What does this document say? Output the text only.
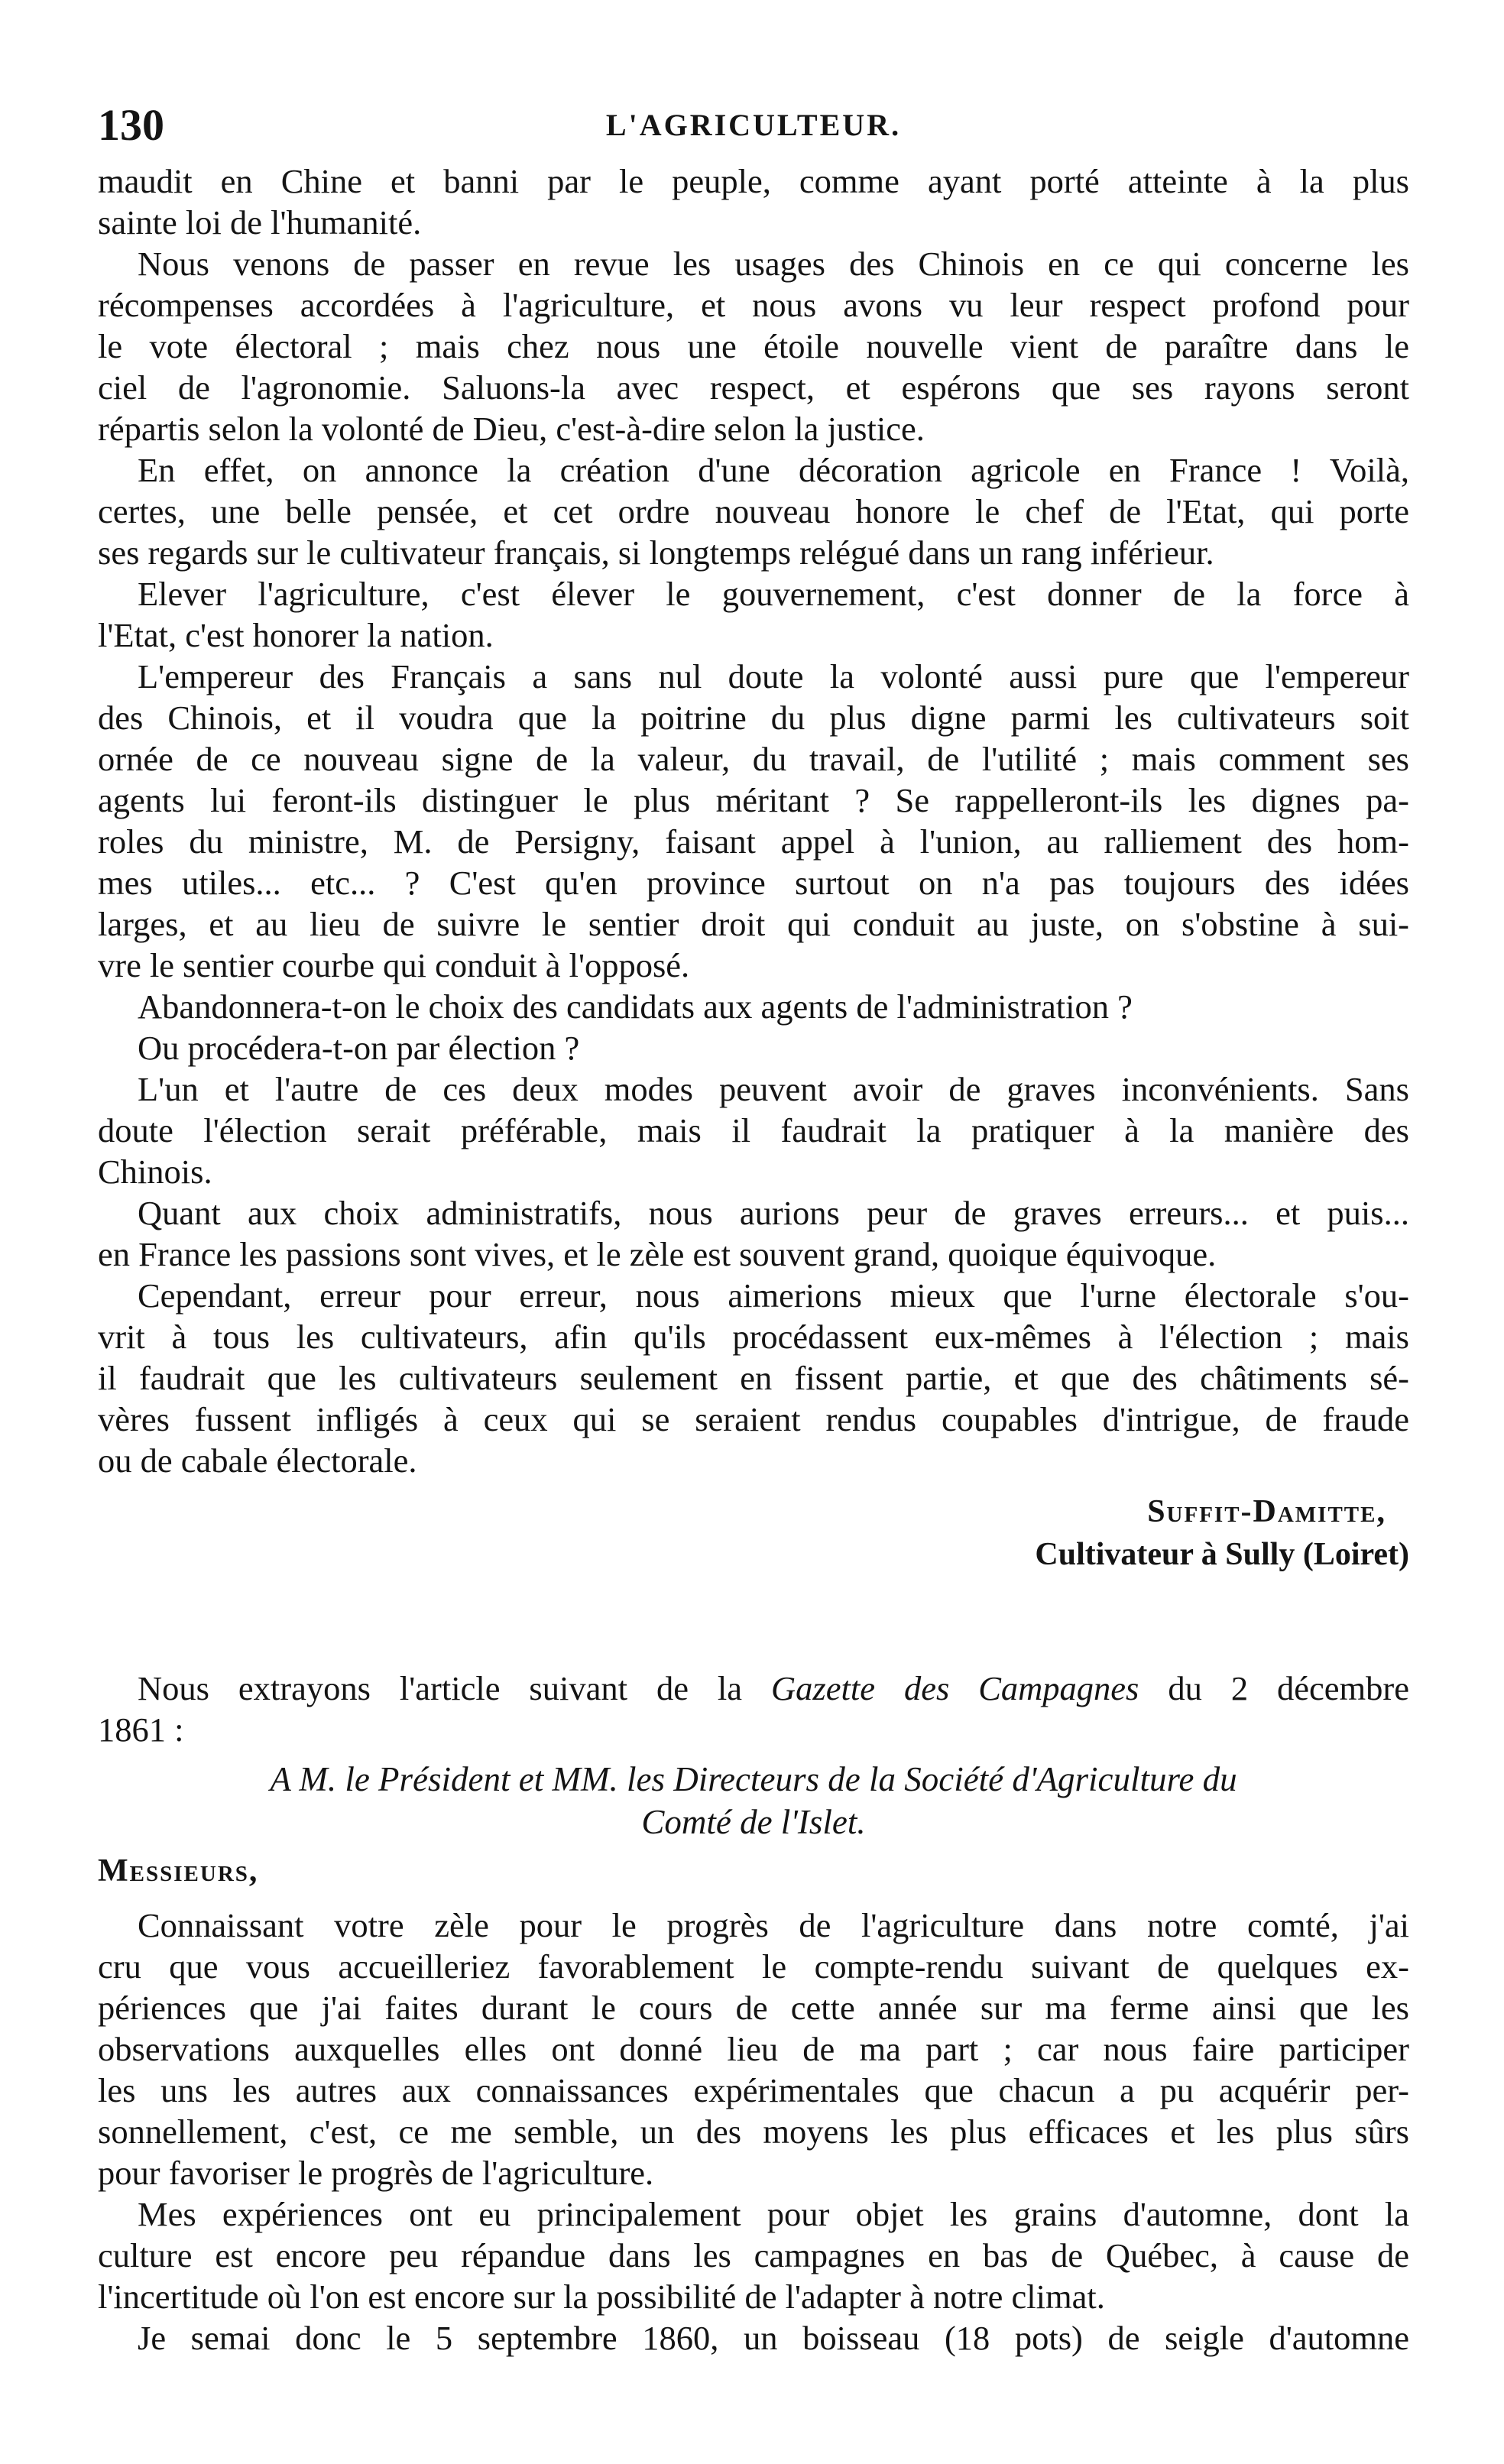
130	L'AGRICULTEUR.
maudit en Chine et banni par le peuple, comme ayant porté atteinte à la plus
sainte loi de l'humanité.
Nous venons de passer en revue les usages des Chinois en ce qui concerne les
récompenses accordées à l'agriculture, et nous avons vu leur respect profond pour
le vote électoral ; mais chez nous une étoile nouvelle vient de paraître dans le
ciel de l'agronomie. Saluons-la avec respect, et espérons que ses rayons seront
répartis selon la volonté de Dieu, c'est-à-dire selon la justice.
En effet, on annonce la création d'une décoration agricole en France ! Voilà,
certes, une belle pensée, et cet ordre nouveau honore le chef de l'Etat, qui porte
ses regards sur le cultivateur français, si longtemps relégué dans un rang inférieur.
Elever l'agriculture, c'est élever le gouvernement, c'est donner de la force à
l'Etat, c'est honorer la nation.
L'empereur des Français a sans nul doute la volonté aussi pure que l'empereur
des Chinois, et il voudra que la poitrine du plus digne parmi les cultivateurs soit
ornée de ce nouveau signe de la valeur, du travail, de l'utilité ; mais comment ses
agents lui feront-ils distinguer le plus méritant ? Se rappelleront-ils les dignes pa-
roles du ministre, M. de Persigny, faisant appel à l'union, au ralliement des hom-
mes utiles... etc... ? C'est qu'en province surtout on n'a pas toujours des idées
larges, et au lieu de suivre le sentier droit qui conduit au juste, on s'obstine à sui-
vre le sentier courbe qui conduit à l'opposé.
Abandonnera-t-on le choix des candidats aux agents de l'administration ?
Ou procédera-t-on par élection ?
L'un et l'autre de ces deux modes peuvent avoir de graves inconvénients. Sans
doute l'élection serait préférable, mais il faudrait la pratiquer à la manière des
Chinois.
Quant aux choix administratifs, nous aurions peur de graves erreurs... et puis...
en France les passions sont vives, et le zèle est souvent grand, quoique équivoque.
Cependant, erreur pour erreur, nous aimerions mieux que l'urne électorale s'ou-
vrit à tous les cultivateurs, afin qu'ils procédassent eux-mêmes à l'élection ; mais
il faudrait que les cultivateurs seulement en fissent partie, et que des châtiments sé-
vères fussent infligés à ceux qui se seraient rendus coupables d'intrigue, de fraude
ou de cabale électorale.
Suffit-Damitte,
Cultivateur à Sully (Loiret)
Nous extrayons l'article suivant de la Gazette des Campagnes du 2 décembre
1861 :
A M. le Président et MM. les Directeurs de la Société d'Agriculture du
Comté de l'Islet.
Messieurs,
Connaissant votre zèle pour le progrès de l'agriculture dans notre comté, j'ai
cru que vous accueilleriez favorablement le compte-rendu suivant de quelques ex-
périences que j'ai faites durant le cours de cette année sur ma ferme ainsi que les
observations auxquelles elles ont donné lieu de ma part ; car nous faire participer
les uns les autres aux connaissances expérimentales que chacun a pu acquérir per-
sonnellement, c'est, ce me semble, un des moyens les plus efficaces et les plus sûrs
pour favoriser le progrès de l'agriculture.
Mes expériences ont eu principalement pour objet les grains d'automne, dont la
culture est encore peu répandue dans les campagnes en bas de Québec, à cause de
l'incertitude où l'on est encore sur la possibilité de l'adapter à notre climat.
Je semai donc le 5 septembre 1860, un boisseau (18 pots) de seigle d'automne
